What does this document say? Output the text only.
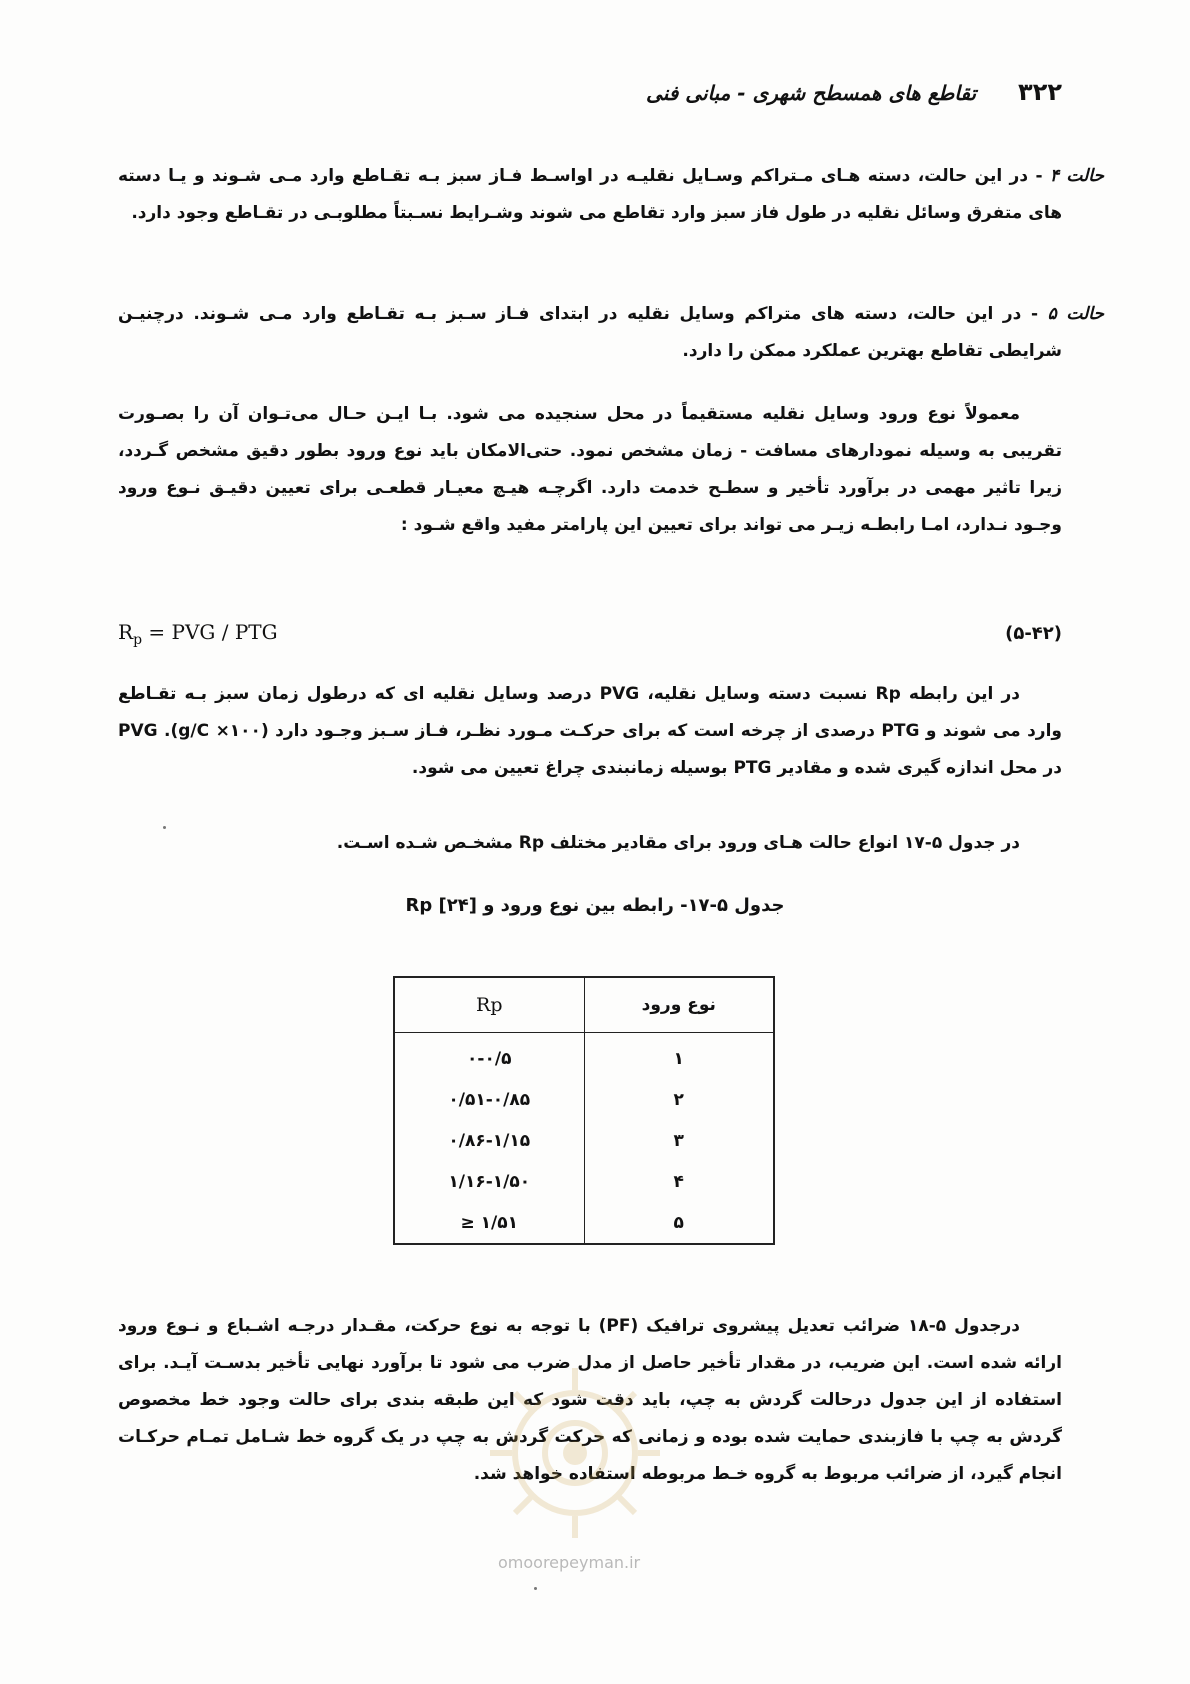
۳۲۲
تقاطع های همسطح شهری - مبانی فنی
حالت ۴ - در این حالت، دسته هـای مـتراکم وسـایل نقلیـه در اواسـط فـاز سبز بـه تقـاطع وارد مـی شـوند و یـا دسته های متفرق وسائل نقلیه در طول فاز سبز وارد تقاطع می شوند وشـرایط نسـبتاً مطلوبـی در تقـاطع وجود دارد.
حالت ۵ - در این حالت، دسته های متراکم وسایل نقلیه در ابتدای فـاز سـبز بـه تقـاطع وارد مـی شـوند. درچنیـن شرایطی تقاطع بهترین عملکرد ممکن را دارد.
معمولاً نوع ورود وسایل نقلیه مستقیماً در محل سنجیده می شود. بـا ایـن حـال می‌تـوان آن را بصـورت تقریبی به وسیله نمودارهای مسافت - زمان مشخص نمود. حتی‌الامکان باید نوع ورود بطور دقیق مشخص گـردد، زیرا تاثیر مهمی در برآورد تأخیر و سطـح خدمت دارد. اگرچـه هیـچ معیـار قطعـی برای تعیین دقیـق نـوع ورود وجـود نـدارد، امـا رابطـه زیـر می تواند برای تعیین این پارامتر مفید واقع شـود :
$R_p$ = PVG / PTG	(۵-۴۲)
در این رابطه Rp نسبت دسته وسایل نقلیه، PVG درصد وسایل نقلیه ای که درطول زمان سبز بـه تقـاطع وارد می شوند و PTG درصدی از چرخه است که برای حرکـت مـورد نظـر، فـاز سـبز وجـود دارد (g/C ×۱۰۰). PVG در محل اندازه گیری شده و مقادیر PTG بوسیله زمانبندی چراغ تعیین می شود.
در جدول ۵-۱۷ انواع حالت هـای ورود برای مقادیر مختلف Rp مشخـص شـده اسـت.
جدول ۵-۱۷- رابطه بین نوع ورود و Rp [۲۴]
Rp	نوع ورود
۰-۰/۵	۱
۰/۵۱-۰/۸۵	۲
۰/۸۶-۱/۱۵	۳
۱/۱۶-۱/۵۰	۴
≥ ۱/۵۱	۵
درجدول ۵-۱۸ ضرائب تعدیل پیشروی ترافیک (PF) با توجه به نوع حرکت، مقـدار درجـه اشـباع و نـوع ورود ارائه شده است. این ضریب، در مقدار تأخیر حاصل از مدل ضرب می شود تا برآورد نهایی تأخیر بدسـت آیـد. برای استفاده از این جدول درحالت گردش به چپ، باید دقت شود که این طبقه بندی برای حالت وجود خط مخصوص گردش به چپ با فازبندی حمایت شده بوده و زمانی که حرکت گردش به چپ در یک گروه خط شـامل تمـام حرکـات انجام گیرد، از ضرائب مربوط به گروه خـط مربوطه استفاده خواهد شد.
omoorepeyman.ir
